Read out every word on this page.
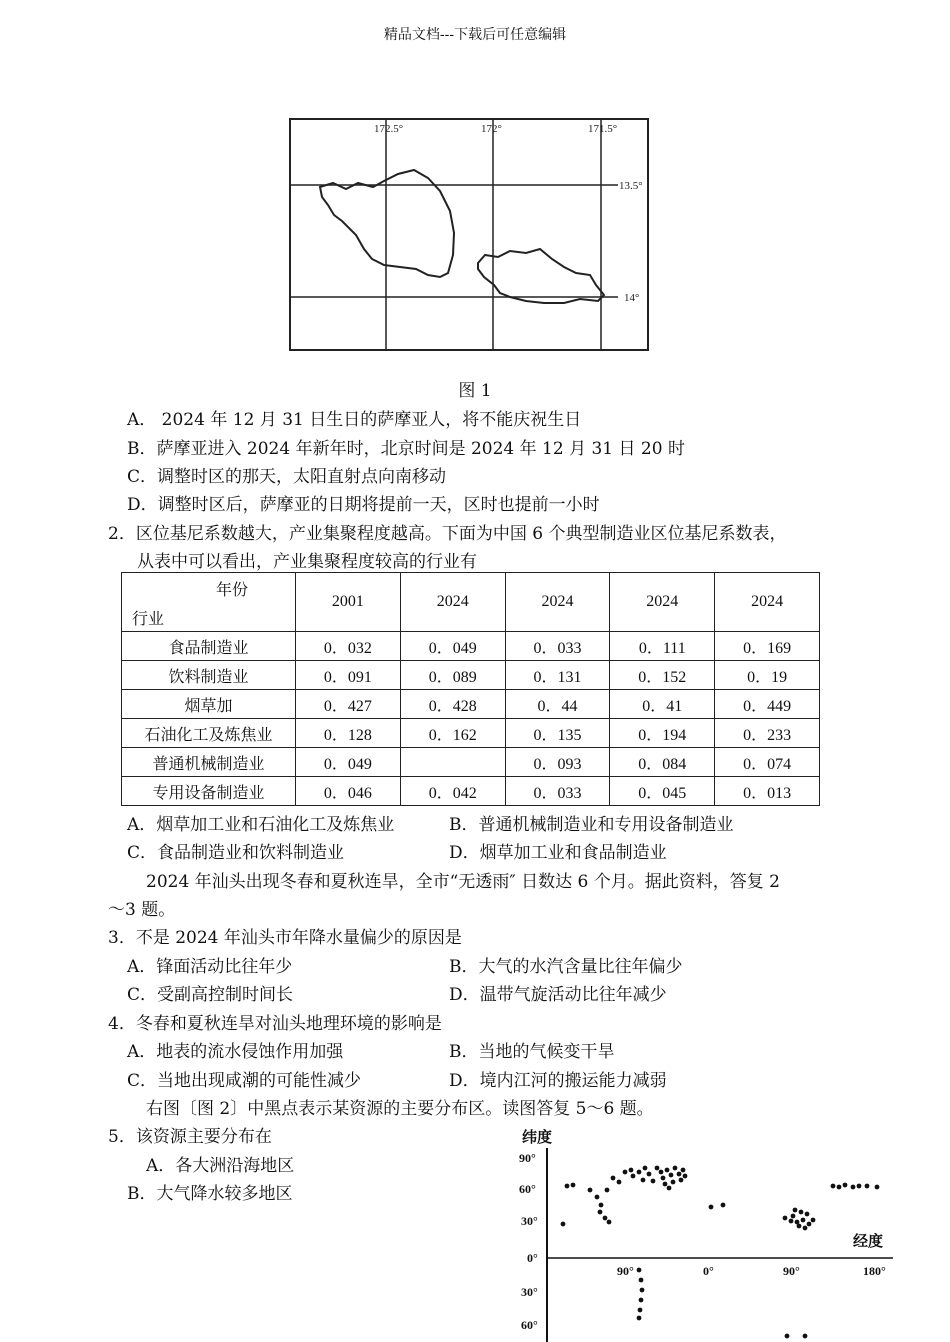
精品文档---下载后可任意编辑
172.5°	172°	171.5°
13.5°
14°
图 1
A． 2024 年 12 月 31 日生日的萨摩亚人，将不能庆祝生日
B．萨摩亚进入 2024 年新年时，北京时间是 2024 年 12 月 31 日 20 时
C．调整时区的那天，太阳直射点向南移动
D．调整时区后，萨摩亚的日期将提前一天，区时也提前一小时
2．区位基尼系数越大，产业集聚程度越高。下面为中国 6 个典型制造业区位基尼系数表，
从表中可以看出，产业集聚程度较高的行业有
年份
行业	2001	2024	2024	2024	2024
食品制造业	0．032	0．049	0．033	0．111	0．169
饮料制造业	0．091	0．089	0．131	0．152	0．19
烟草加	0．427	0．428	0．44	0．41	0．449
石油化工及炼焦业	0．128	0．162	0．135	0．194	0．233
普通机械制造业	0．049		0．093	0．084	0．074
专用设备制造业	0．046	0．042	0．033	0．045	0．013
A．烟草加工业和石油化工及炼焦业	B．普通机械制造业和专用设备制造业
C．食品制造业和饮料制造业	D．烟草加工业和食品制造业
2024 年汕头出现冬春和夏秋连旱，全市“无透雨″ 日数达 6 个月。据此资料，答复 2
～3 题。
3．不是 2024 年汕头市年降水量偏少的原因是
A．锋面活动比往年少	B．大气的水汽含量比往年偏少
C．受副高控制时间长	D．温带气旋活动比往年减少
4．冬春和夏秋连旱对汕头地理环境的影响是
A．地表的流水侵蚀作用加强	B．当地的气候变干旱
C．当地出现咸潮的可能性减少	D．境内江河的搬运能力减弱
右图〔图 2〕中黑点表示某资源的主要分布区。读图答复 5～6 题。
5．该资源主要分布在
A．各大洲沿海地区
B．大气降水较多地区
纬度
经度
90°
60°
30°
0°
30°
60°
90°	0°	90°	180°
